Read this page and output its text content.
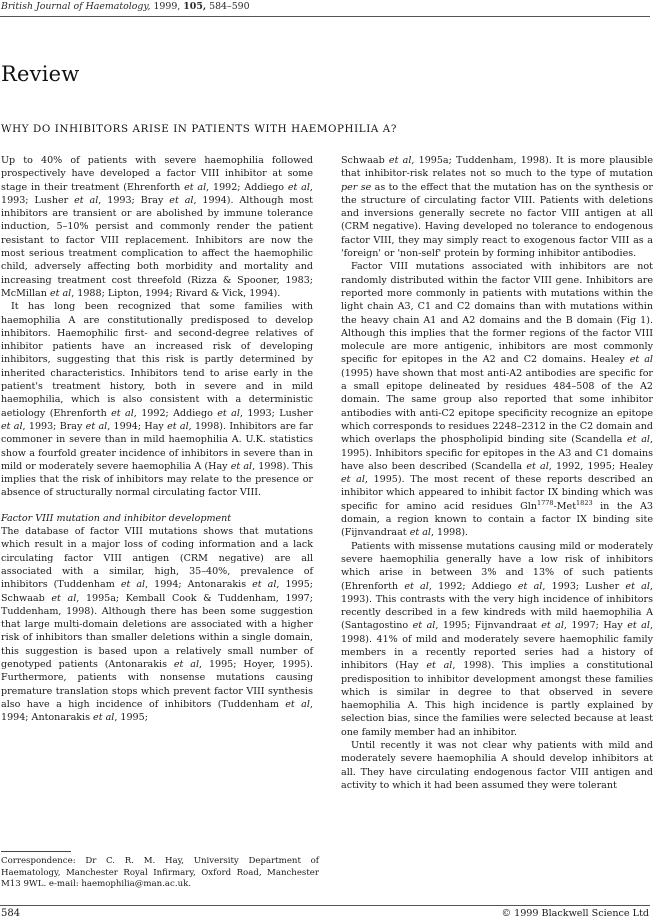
British Journal of Haematology, 1999, 105, 584–590
Review
WHY DO INHIBITORS ARISE IN PATIENTS WITH HAEMOPHILIA A?

Up to 40% of patients with severe haemophilia followed prospectively have developed a factor VIII inhibitor at some stage in their treatment (Ehrenforth et al, 1992; Addiego et al, 1993; Lusher et al, 1993; Bray et al, 1994). Although most inhibitors are transient or are abolished by immune tolerance induction, 5–10% persist and commonly render the patient resistant to factor VIII replacement. Inhibitors are now the most serious treatment complication to affect the haemophilic child, adversely affecting both morbidity and mortality and increasing treatment cost threefold (Rizza & Spooner, 1983; McMillan et al, 1988; Lipton, 1994; Rivard & Vick, 1994).

It has long been recognized that some families with haemophilia A are constitutionally predisposed to develop inhibitors. Haemophilic first- and second-degree relatives of inhibitor patients have an increased risk of developing inhibitors, suggesting that this risk is partly determined by inherited characteristics. Inhibitors tend to arise early in the patient's treatment history, both in severe and in mild haemophilia, which is also consistent with a deterministic aetiology (Ehrenforth et al, 1992; Addiego et al, 1993; Lusher et al, 1993; Bray et al, 1994; Hay et al, 1998). Inhibitors are far commoner in severe than in mild haemophilia A. U.K. statistics show a fourfold greater incidence of inhibitors in severe than in mild or moderately severe haemophilia A (Hay et al, 1998). This implies that the risk of inhibitors may relate to the presence or absence of structurally normal circulating factor VIII.

Factor VIII mutation and inhibitor development

The database of factor VIII mutations shows that mutations which result in a major loss of coding information and a lack circulating factor VIII antigen (CRM negative) are all associated with a similar, high, 35–40%, prevalence of inhibitors (Tuddenham et al, 1994; Antonarakis et al, 1995; Schwaab et al, 1995a; Kemball Cook & Tuddenham, 1997; Tuddenham, 1998). Although there has been some suggestion that large multi-domain deletions are associated with a higher risk of inhibitors than smaller deletions within a single domain, this suggestion is based upon a relatively small number of genotyped patients (Antonarakis et al, 1995; Hoyer, 1995). Furthermore, patients with nonsense mutations causing premature translation stops which prevent factor VIII synthesis also have a high incidence of inhibitors (Tuddenham et al, 1994; Antonarakis et al, 1995;

Schwaab et al, 1995a; Tuddenham, 1998). It is more plausible that inhibitor-risk relates not so much to the type of mutation per se as to the effect that the mutation has on the synthesis or the structure of circulating factor VIII. Patients with deletions and inversions generally secrete no factor VIII antigen at all (CRM negative). Having developed no tolerance to endogenous factor VIII, they may simply react to exogenous factor VIII as a 'foreign' or 'non-self' protein by forming inhibitor antibodies.

Factor VIII mutations associated with inhibitors are not randomly distributed within the factor VIII gene. Inhibitors are reported more commonly in patients with mutations within the light chain A3, C1 and C2 domains than with mutations within the heavy chain A1 and A2 domains and the B domain (Fig 1). Although this implies that the former regions of the factor VIII molecule are more antigenic, inhibitors are most commonly specific for epitopes in the A2 and C2 domains. Healey et al (1995) have shown that most anti-A2 antibodies are specific for a small epitope delineated by residues 484–508 of the A2 domain. The same group also reported that some inhibitor antibodies with anti-C2 epitope specificity recognize an epitope which corresponds to residues 2248–2312 in the C2 domain and which overlaps the phospholipid binding site (Scandella et al, 1995). Inhibitors specific for epitopes in the A3 and C1 domains have also been described (Scandella et al, 1992, 1995; Healey et al, 1995). The most recent of these reports described an inhibitor which appeared to inhibit factor IX binding which was specific for amino acid residues Gln$^{1778}$-Met$^{1823}$ in the A3 domain, a region known to contain a factor IX binding site (Fijnvandraat et al, 1998).

Patients with missense mutations causing mild or moderately severe haemophilia generally have a low risk of inhibitors which arise in between 3% and 13% of such patients (Ehrenforth et al, 1992; Addiego et al, 1993; Lusher et al, 1993). This contrasts with the very high incidence of inhibitors recently described in a few kindreds with mild haemophilia A (Santagostino et al, 1995; Fijnvandraat et al, 1997; Hay et al, 1998). 41% of mild and moderately severe haemophilic family members in a recently reported series had a history of inhibitors (Hay et al, 1998). This implies a constitutional predisposition to inhibitor development amongst these families which is similar in degree to that observed in severe haemophilia A. This high incidence is partly explained by selection bias, since the families were selected because at least one family member had an inhibitor.

Until recently it was not clear why patients with mild and moderately severe haemophilia A should develop inhibitors at all. They have circulating endogenous factor VIII antigen and activity to which it had been assumed they were tolerant

Correspondence: Dr C. R. M. Hay, University Department of Haematology, Manchester Royal Infirmary, Oxford Road, Manchester M13 9WL. e-mail: haemophilia@man.ac.uk.
584	© 1999 Blackwell Science Ltd
